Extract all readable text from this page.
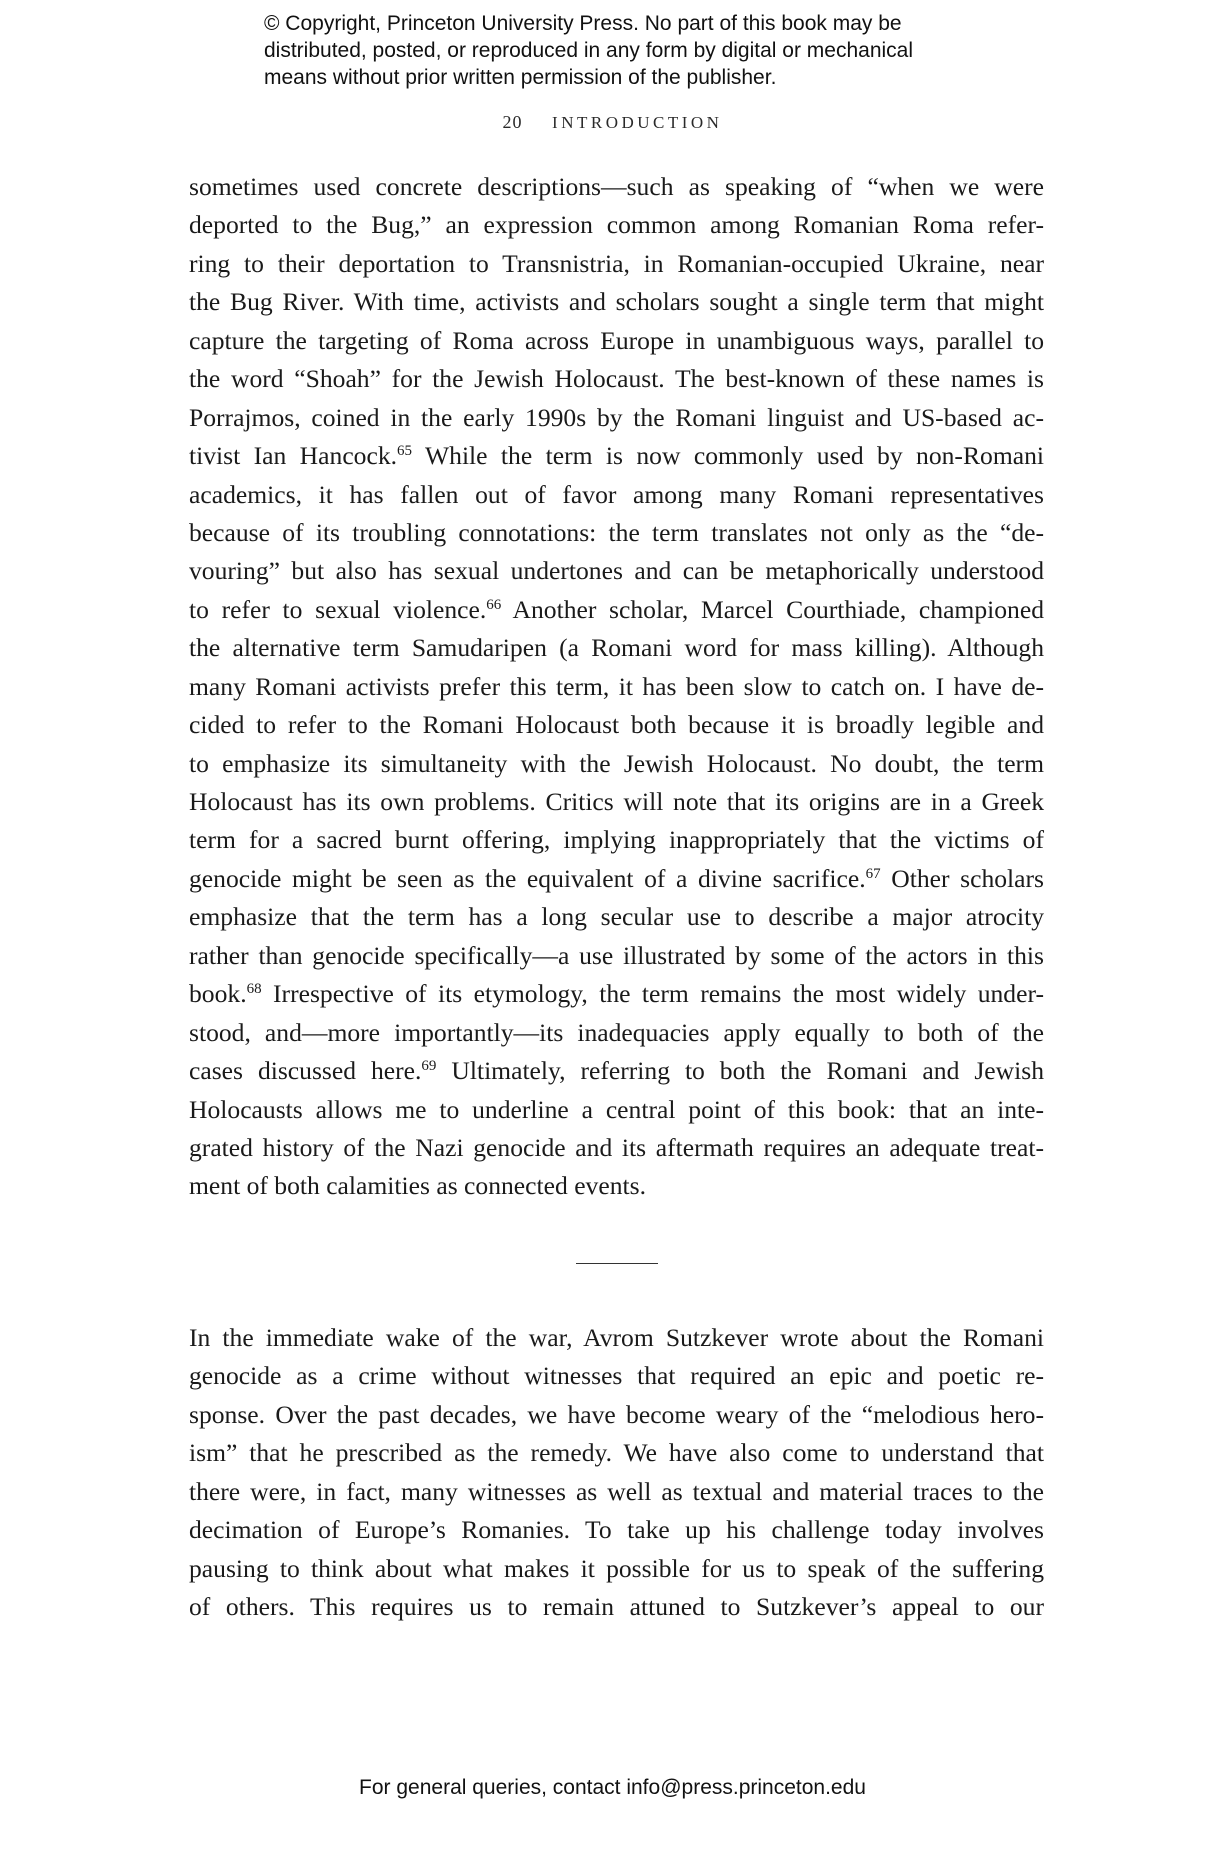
© Copyright, Princeton University Press. No part of this book may be
distributed, posted, or reproduced in any form by digital or mechanical
means without prior written permission of the publisher.
20 INTRODUCTION
sometimes used concrete descriptions—such as speaking of “when we were
deported to the Bug,” an expression common among Romanian Roma refer-
ring to their deportation to Transnistria, in Romanian-occupied Ukraine, near
the Bug River. With time, activists and scholars sought a single term that might
capture the targeting of Roma across Europe in unambiguous ways, parallel to
the word “Shoah” for the Jewish Holocaust. The best-known of these names is
Porrajmos, coined in the early 1990s by the Romani linguist and US-based ac-
tivist Ian Hancock.$^{65}$ While the term is now commonly used by non-Romani
academics, it has fallen out of favor among many Romani representatives
because of its troubling connotations: the term translates not only as the “de-
vouring” but also has sexual undertones and can be metaphorically understood
to refer to sexual violence.$^{66}$ Another scholar, Marcel Courthiade, championed
the alternative term Samudaripen (a Romani word for mass killing). Although
many Romani activists prefer this term, it has been slow to catch on. I have de-
cided to refer to the Romani Holocaust both because it is broadly legible and
to emphasize its simultaneity with the Jewish Holocaust. No doubt, the term
Holocaust has its own problems. Critics will note that its origins are in a Greek
term for a sacred burnt offering, implying inappropriately that the victims of
genocide might be seen as the equivalent of a divine sacrifice.$^{67}$ Other scholars
emphasize that the term has a long secular use to describe a major atrocity
rather than genocide specifically—a use illustrated by some of the actors in this
book.$^{68}$ Irrespective of its etymology, the term remains the most widely under-
stood, and—more importantly—its inadequacies apply equally to both of the
cases discussed here.$^{69}$ Ultimately, referring to both the Romani and Jewish
Holocausts allows me to underline a central point of this book: that an inte-
grated history of the Nazi genocide and its aftermath requires an adequate treat-
ment of both calamities as connected events.
In the immediate wake of the war, Avrom Sutzkever wrote about the Romani
genocide as a crime without witnesses that required an epic and poetic re-
sponse. Over the past decades, we have become weary of the “melodious hero-
ism” that he prescribed as the remedy. We have also come to understand that
there were, in fact, many witnesses as well as textual and material traces to the
decimation of Europe’s Romanies. To take up his challenge today involves
pausing to think about what makes it possible for us to speak of the suffering
of others. This requires us to remain attuned to Sutzkever’s appeal to our
For general queries, contact info@press.princeton.edu
